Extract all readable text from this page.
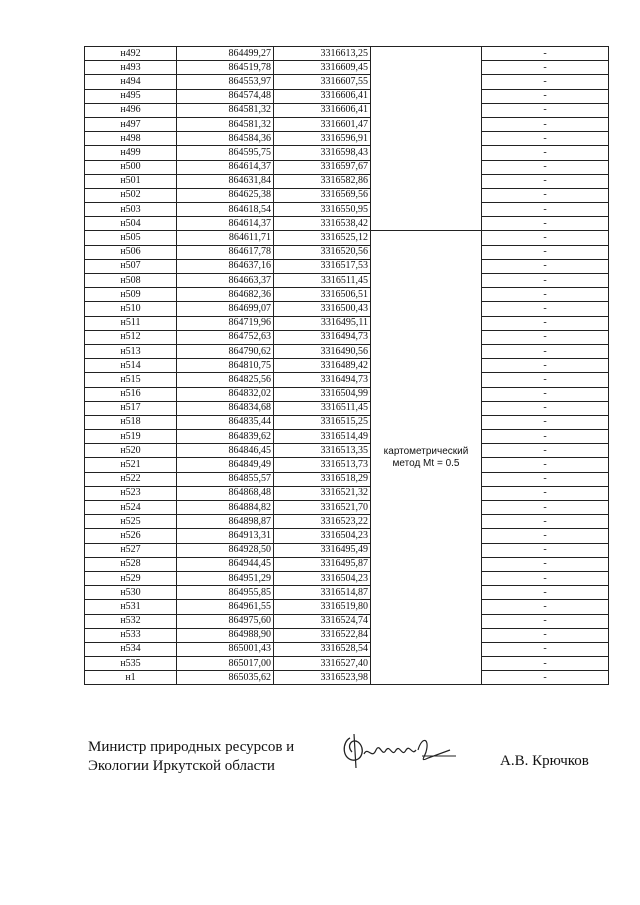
н492	864499,27	3316613,25		-
н493	864519,78	3316609,45		-
н494	864553,97	3316607,55		-
н495	864574,48	3316606,41		-
н496	864581,32	3316606,41		-
н497	864581,32	3316601,47		-
н498	864584,36	3316596,91		-
н499	864595,75	3316598,43		-
н500	864614,37	3316597,67		-
н501	864631,84	3316582,86		-
н502	864625,38	3316569,56		-
н503	864618,54	3316550,95		-
н504	864614,37	3316538,42		-
н505	864611,71	3316525,12	картометрический метод Mt = 0.5	-
н506	864617,78	3316520,56		-
н507	864637,16	3316517,53		-
н508	864663,37	3316511,45		-
н509	864682,36	3316506,51		-
н510	864699,07	3316500,43		-
н511	864719,96	3316495,11		-
н512	864752,63	3316494,73		-
н513	864790,62	3316490,56		-
н514	864810,75	3316489,42		-
н515	864825,56	3316494,73		-
н516	864832,02	3316504,99		-
н517	864834,68	3316511,45		-
н518	864835,44	3316515,25		-
н519	864839,62	3316514,49		-
н520	864846,45	3316513,35		-
н521	864849,49	3316513,73		-
н522	864855,57	3316518,29		-
н523	864868,48	3316521,32		-
н524	864884,82	3316521,70		-
н525	864898,87	3316523,22		-
н526	864913,31	3316504,23		-
н527	864928,50	3316495,49		-
н528	864944,45	3316495,87		-
н529	864951,29	3316504,23		-
н530	864955,85	3316514,87		-
н531	864961,55	3316519,80		-
н532	864975,60	3316524,74		-
н533	864988,90	3316522,84		-
н534	865001,43	3316528,54		-
н535	865017,00	3316527,40		-
н1	865035,62	3316523,98		-
Министр природных ресурсов и
Экологии Иркутской области	А.В. Крючков
